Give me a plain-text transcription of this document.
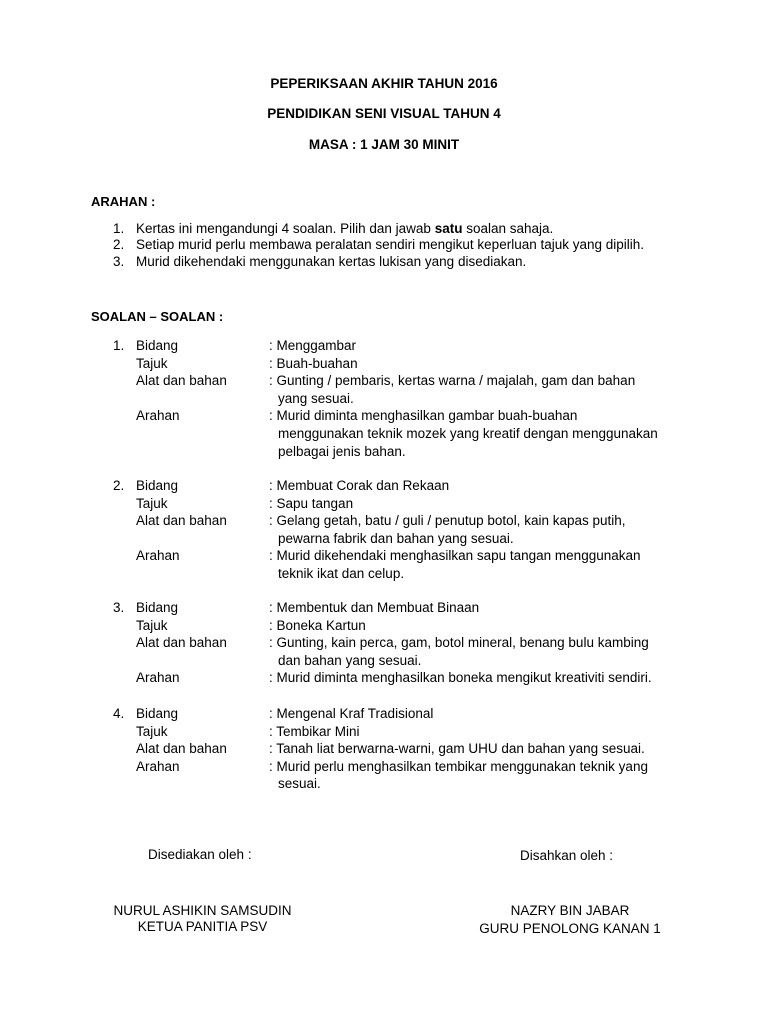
PEPERIKSAAN AKHIR TAHUN 2016
PENDIDIKAN SENI VISUAL TAHUN 4
MASA : 1 JAM 30 MINIT
ARAHAN :
1. Kertas ini mengandungi 4 soalan. Pilih dan jawab satu soalan sahaja.
2. Setiap murid perlu membawa peralatan sendiri mengikut keperluan tajuk yang dipilih.
3. Murid dikehendaki menggunakan kertas lukisan yang disediakan.
SOALAN – SOALAN :
1. Bidang	: Menggambar
Tajuk	: Buah-buahan
Alat dan bahan	: Gunting / pembaris, kertas warna / majalah, gam dan bahan
yang sesuai.
Arahan	: Murid diminta menghasilkan gambar buah-buahan
menggunakan teknik mozek yang kreatif dengan menggunakan
pelbagai jenis bahan.
2. Bidang	: Membuat Corak dan Rekaan
Tajuk	: Sapu tangan
Alat dan bahan	: Gelang getah, batu / guli / penutup botol, kain kapas putih,
pewarna fabrik dan bahan yang sesuai.
Arahan	: Murid dikehendaki menghasilkan sapu tangan menggunakan
teknik ikat dan celup.
3. Bidang	: Membentuk dan Membuat Binaan
Tajuk	: Boneka Kartun
Alat dan bahan	: Gunting, kain perca, gam, botol mineral, benang bulu kambing
dan bahan yang sesuai.
Arahan	: Murid diminta menghasilkan boneka mengikut kreativiti sendiri.
4. Bidang	: Mengenal Kraf Tradisional
Tajuk	: Tembikar Mini
Alat dan bahan	: Tanah liat berwarna-warni, gam UHU dan bahan yang sesuai.
Arahan	: Murid perlu menghasilkan tembikar menggunakan teknik yang
sesuai.
Disediakan oleh :	Disahkan oleh :
NURUL ASHIKIN SAMSUDIN
KETUA PANITIA PSV
NAZRY BIN JABAR
GURU PENOLONG KANAN 1
